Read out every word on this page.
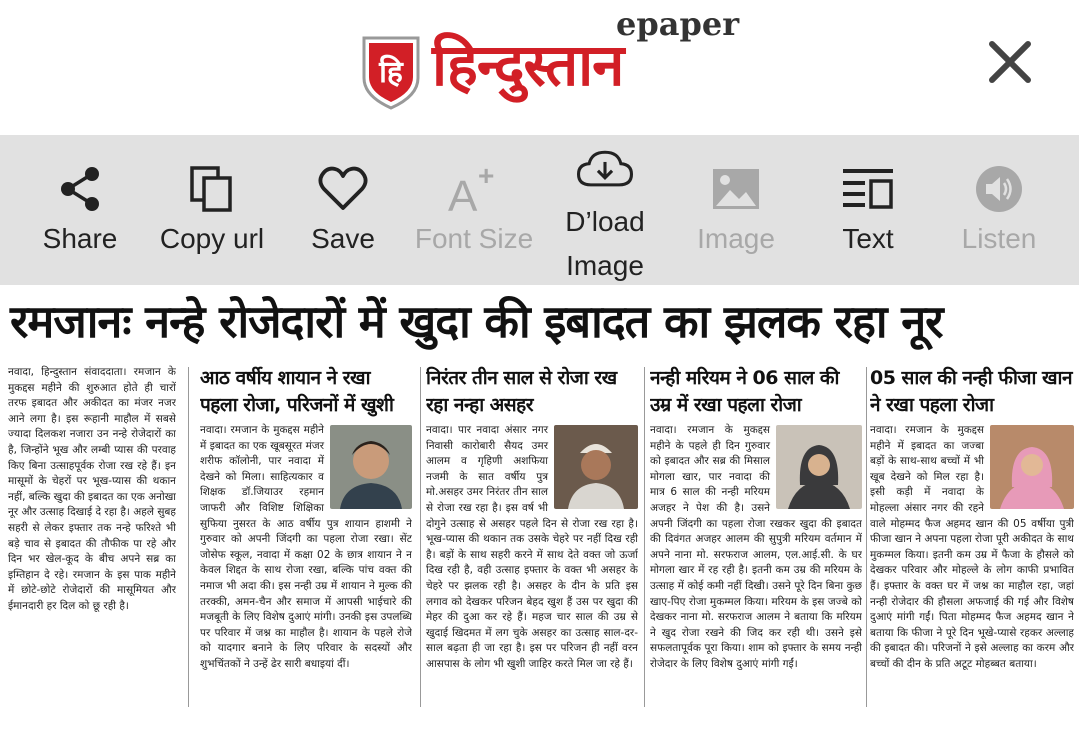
हि
epaper
हिन्दुस्तान
Share Copy url Save
A +
Font Size
D’load
Image
Image Text Listen
रमजानः नन्हे रोजेदारों में खुदा की इबादत का झलक रहा नूर

नवादा, हिन्दुस्तान संवाददाता। रमजान के मुकद्दस महीने की शुरुआत होते ही चारों तरफ इबादत और अकीदत का मंजर नजर आने लगा है। इस रूहानी माहौल में सबसे ज्यादा दिलकश नजारा उन नन्हे रोजेदारों का है, जिन्होंने भूख और लम्बी प्यास की परवाह किए बिना उत्साहपूर्वक रोजा रख रहे हैं। इन मासूमों के चेहरों पर भूख-प्यास की थकान नहीं, बल्कि खुदा की इबादत का एक अनोखा नूर और उत्साह दिखाई दे रहा है। अहले सुबह सहरी से लेकर इफ्तार तक नन्हे फरिश्ते भी बड़े चाव से इबादत की तौफीक पा रहे और दिन भर खेल-कूद के बीच अपने सब्र का इम्तिहान दे रहे। रमजान के इस पाक महीने में छोटे-छोटे रोजेदारों की मासूमियत और ईमानदारी हर दिल को छू रही है।

आठ वर्षीय शायान ने रखा पहला रोजा, परिजनों में खुशी

नवादा। रमजान के मुकद्दस महीने में इबादत का एक खूबसूरत मंजर शरीफ कॉलोनी, पार नवादा में देखने को मिला। साहित्यकार व शिक्षक डॉ.जियाउर रहमान जाफरी और विशिष्ट शिक्षिका सुफिया नुसरत के आठ वर्षीय पुत्र शायान हाशमी ने गुरुवार को अपनी जिंदगी का पहला रोजा रखा। सेंट जोसेफ स्कूल, नवादा में कक्षा 02 के छात्र शायान ने न केवल शिद्दत के साथ रोजा रखा, बल्कि पांच वक्त की नमाज भी अदा की। इस नन्ही उम्र में शायान ने मुल्क की तरक्की, अमन-चैन और समाज में आपसी भाईचारे की मजबूती के लिए विशेष दुआएं मांगी। उनकी इस उपलब्धि पर परिवार में जश्न का माहौल है। शायान के पहले रोजे को यादगार बनाने के लिए परिवार के सदस्यों और शुभचिंतकों ने उन्हें ढेर सारी बधाइयां दीं।

निरंतर तीन साल से रोजा रख रहा नन्हा असहर

नवादा। पार नवादा अंसार नगर निवासी कारोबारी सैयद उमर आलम व गृहिणी अशफिया नजमी के सात वर्षीय पुत्र मो.असहर उमर निरंतर तीन साल से रोजा रख रहा है। इस वर्ष भी दोगुने उत्साह से असहर पहले दिन से रोजा रख रहा है। भूख-प्यास की थकान तक उसके चेहरे पर नहीं दिख रही है। बड़ों के साथ सहरी करने में साथ देते वक्त जो ऊर्जा दिख रही है, वही उत्साह इफ्तार के वक्त भी असहर के चेहरे पर झलक रही है। असहर के दीन के प्रति इस लगाव को देखकर परिजन बेहद खुश हैं उस पर खुदा की मेहर की दुआ कर रहे हैं। महज चार साल की उम्र से खुदाई खिदमत में लग चुके असहर का उत्साह साल-दर-साल बढ़ता ही जा रहा है। इस पर परिजन ही नहीं वरन आसपास के लोग भी खुशी जाहिर करते मिल जा रहे हैं।

नन्ही मरियम ने 06 साल की उम्र में रखा पहला रोजा

नवादा। रमजान के मुकद्दस महीने के पहले ही दिन गुरुवार को इबादत और सब्र की मिसाल मोगला खार, पार नवादा की मात्र 6 साल की नन्ही मरियम अजहर ने पेश की है। उसने अपनी जिंदगी का पहला रोजा रखकर खुदा की इबादत की दिवंगत अजहर आलम की सुपुत्री मरियम वर्तमान में अपने नाना मो. सरफराज आलम, एल.आई.सी. के घर मोगला खार में रह रही है। इतनी कम उम्र की मरियम के उत्साह में कोई कमी नहीं दिखी। उसने पूरे दिन बिना कुछ खाए-पिए रोजा मुकम्मल किया। मरियम के इस जज्बे को देखकर नाना मो. सरफराज आलम ने बताया कि मरियम ने खुद रोजा रखने की जिद कर रही थी। उसने इसे सफलतापूर्वक पूरा किया। शाम को इफ्तार के समय नन्ही रोजेदार के लिए विशेष दुआएं मांगी गईं।

05 साल की नन्ही फीजा खान ने रखा पहला रोजा

नवादा। रमजान के मुकद्दस महीने में इबादत का जज्बा बड़ों के साथ-साथ बच्चों में भी खूब देखने को मिल रहा है। इसी कड़ी में नवादा के मोहल्ला अंसार नगर की रहने वाले मोहम्मद फैज अहमद खान की 05 वर्षीया पुत्री फीजा खान ने अपना पहला रोजा पूरी अकीदत के साथ मुकम्मल किया। इतनी कम उम्र में फैजा के हौसले को देखकर परिवार और मोहल्ले के लोग काफी प्रभावित हैं। इफ्तार के वक्त घर में जश्न का माहौल रहा, जहां नन्ही रोजेदार की हौसला अफजाई की गई और विशेष दुआएं मांगी गईं। पिता मोहम्मद फैज अहमद खान ने बताया कि फीजा ने पूरे दिन भूखे-प्यासे रहकर अल्लाह की इबादत की। परिजनों ने इसे अल्लाह का करम और बच्चों की दीन के प्रति अटूट मोहब्बत बताया।
